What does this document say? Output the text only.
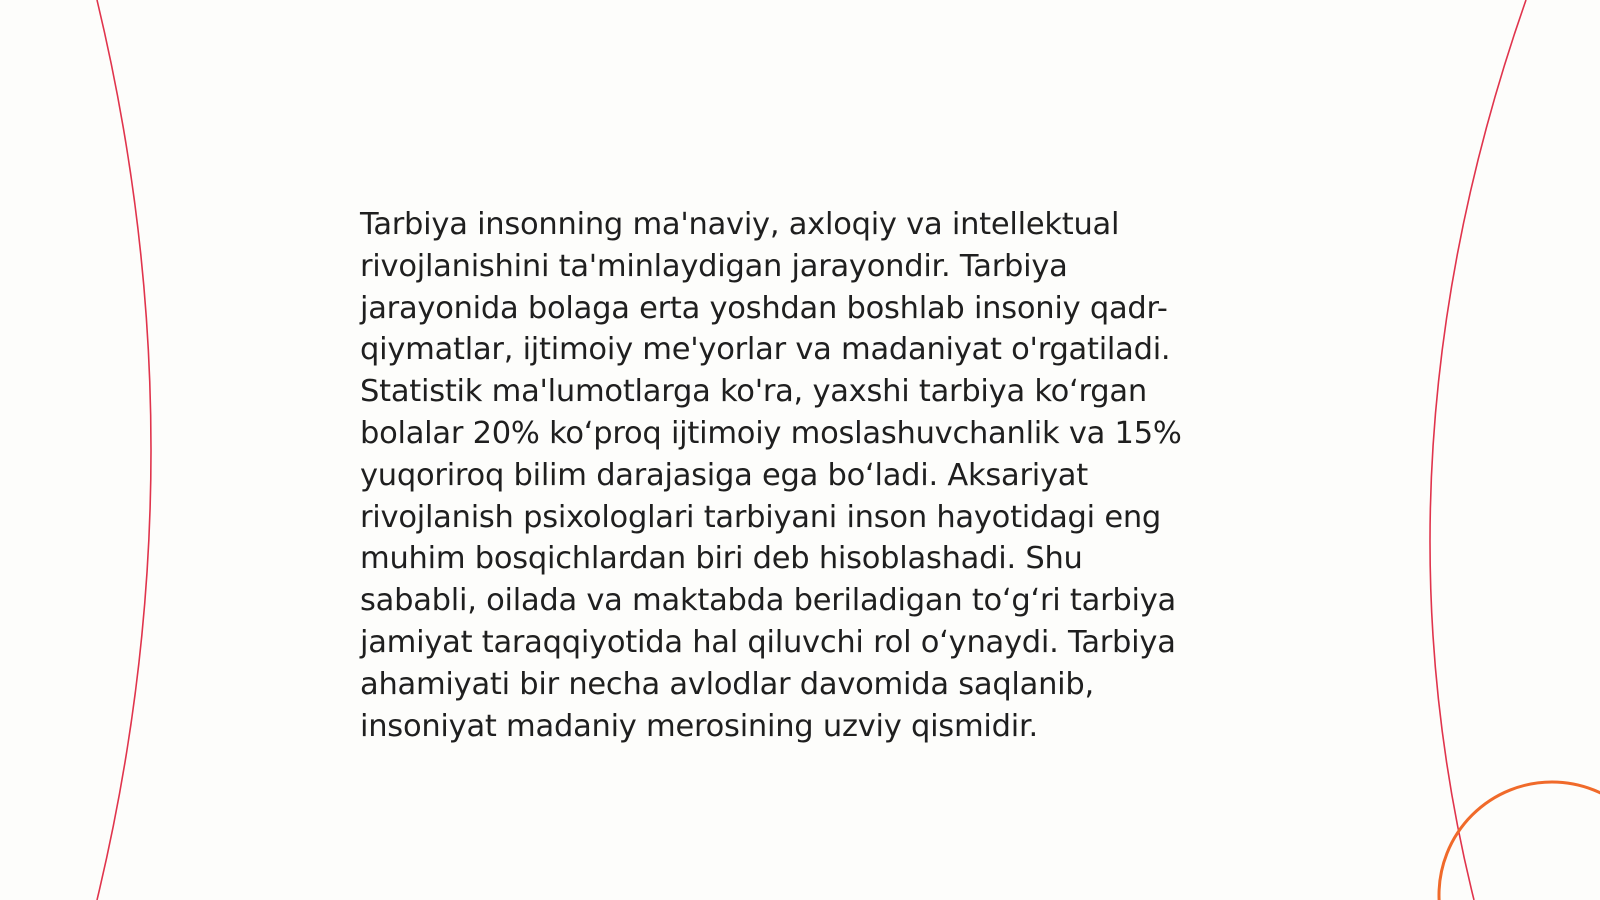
Tarbiya insonning ma'naviy, axloqiy va intellektual
rivojlanishini ta'minlaydigan jarayondir. Tarbiya
jarayonida bolaga erta yoshdan boshlab insoniy qadr-
qiymatlar, ijtimoiy me'yorlar va madaniyat o'rgatiladi.
Statistik ma'lumotlarga ko'ra, yaxshi tarbiya ko‘rgan
bolalar 20% ko‘proq ijtimoiy moslashuvchanlik va 15%
yuqoriroq bilim darajasiga ega bo‘ladi. Aksariyat
rivojlanish psixologlari tarbiyani inson hayotidagi eng
muhim bosqichlardan biri deb hisoblashadi. Shu
sababli, oilada va maktabda beriladigan to‘g‘ri tarbiya
jamiyat taraqqiyotida hal qiluvchi rol o‘ynaydi. Tarbiya
ahamiyati bir necha avlodlar davomida saqlanib,
insoniyat madaniy merosining uzviy qismidir.
